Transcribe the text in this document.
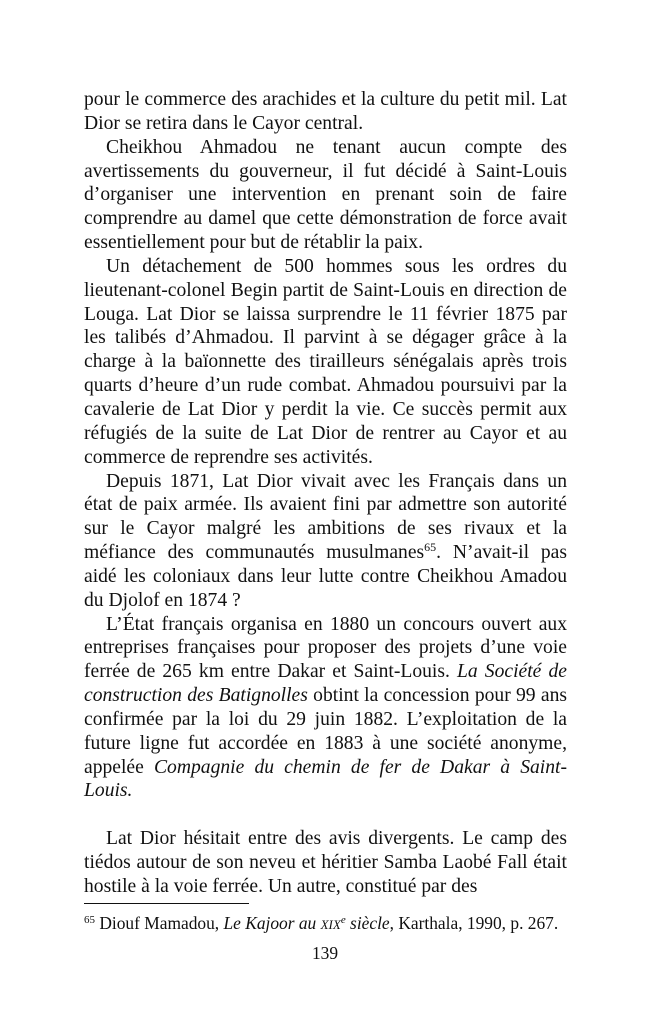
pour le commerce des arachides et la culture du petit mil. Lat Dior se retira dans le Cayor central.

Cheikhou Ahmadou ne tenant aucun compte des avertissements du gouverneur, il fut décidé à Saint-Louis d’organiser une intervention en prenant soin de faire comprendre au damel que cette démonstration de force avait essentiellement pour but de rétablir la paix.

Un détachement de 500 hommes sous les ordres du lieutenant-colonel Begin partit de Saint-Louis en direction de Louga. Lat Dior se laissa surprendre le 11 février 1875 par les talibés d’Ahmadou. Il parvint à se dégager grâce à la charge à la baïonnette des tirailleurs sénégalais après trois quarts d’heure d’un rude combat. Ahmadou poursuivi par la cavalerie de Lat Dior y perdit la vie. Ce succès permit aux réfugiés de la suite de Lat Dior de rentrer au Cayor et au commerce de reprendre ses activités.

Depuis 1871, Lat Dior vivait avec les Français dans un état de paix armée. Ils avaient fini par admettre son autorité sur le Cayor malgré les ambitions de ses rivaux et la méfiance des communautés musulmanes$^{65}$. N’avait-il pas aidé les coloniaux dans leur lutte contre Cheikhou Amadou du Djolof en 1874 ?

L’État français organisa en 1880 un concours ouvert aux entreprises françaises pour proposer des projets d’une voie ferrée de 265 km entre Dakar et Saint-Louis. La Société de construction des Batignolles obtint la concession pour 99 ans confirmée par la loi du 29 juin 1882. L’exploitation de la future ligne fut accordée en 1883 à une société anonyme, appelée Compagnie du chemin de fer de Dakar à Saint-Louis.

Lat Dior hésitait entre des avis divergents. Le camp des tiédos autour de son neveu et héritier Samba Laobé Fall était hostile à la voie ferrée. Un autre, constitué par des

$^{65}$ Diouf Mamadou, Le Kajoor au XIXe siècle, Karthala, 1990, p. 267.
139
